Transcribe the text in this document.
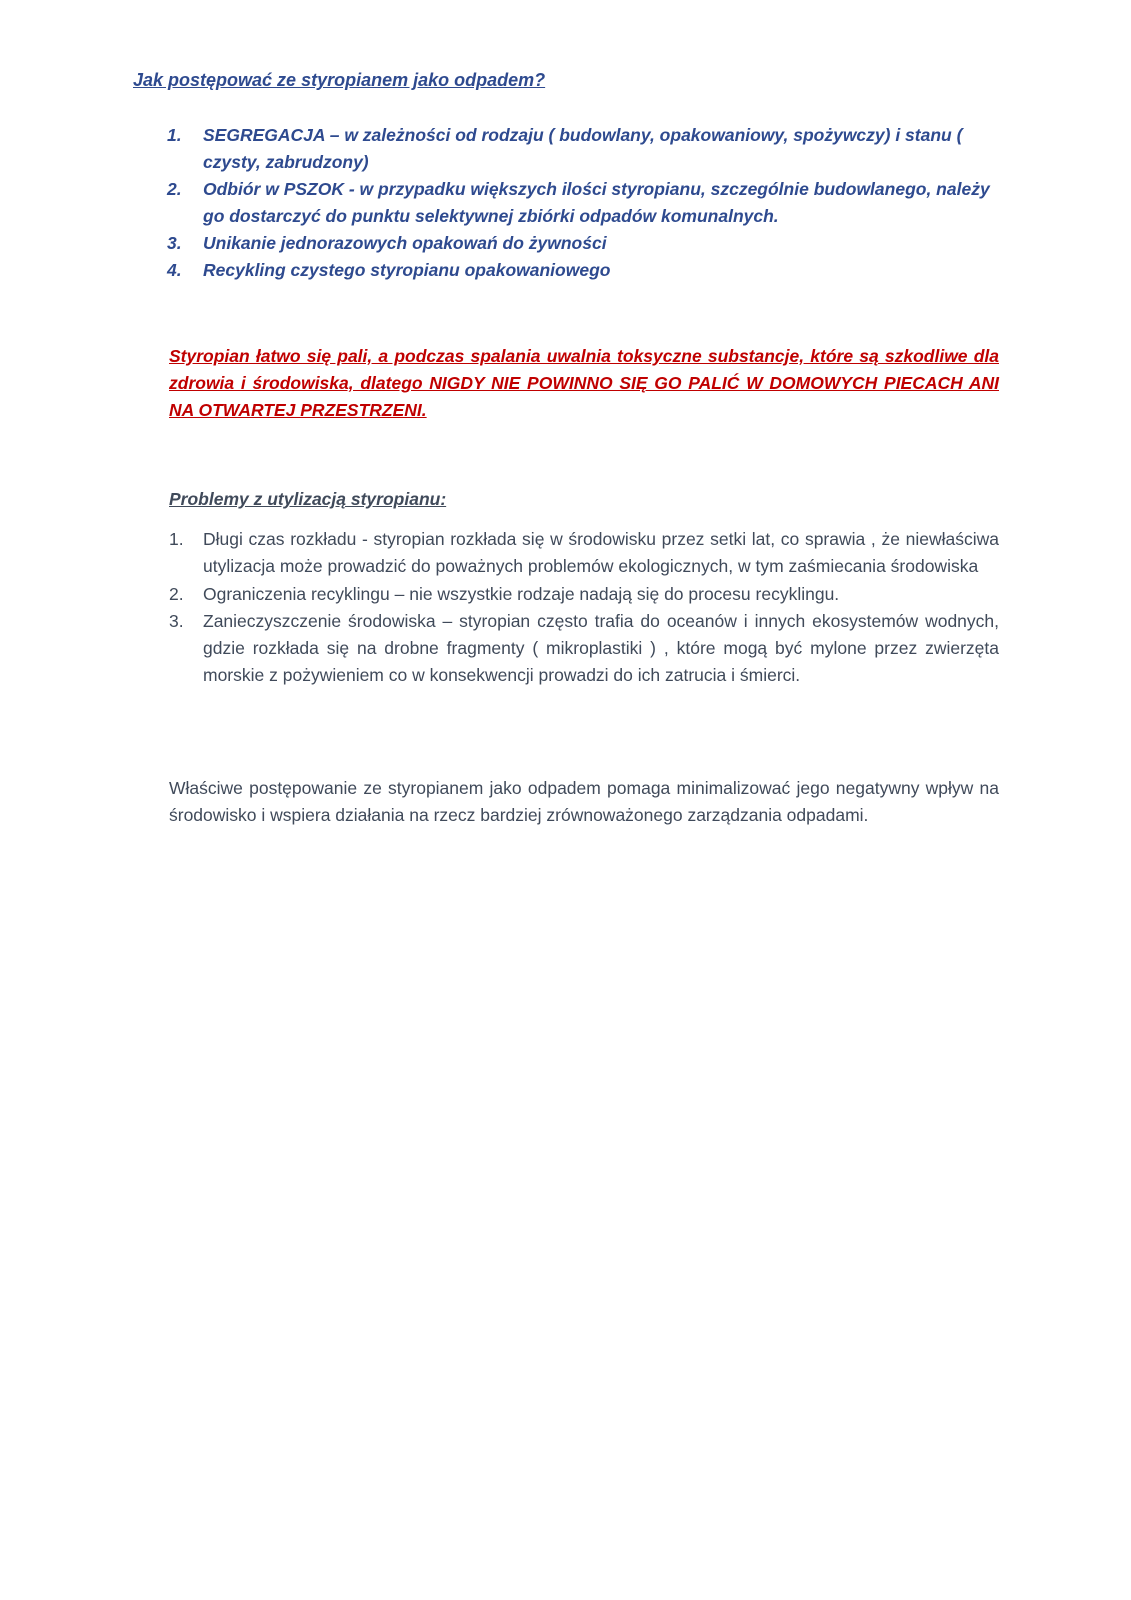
Jak postępować ze styropianem jako odpadem?
1. SEGREGACJA – w zależności od rodzaju ( budowlany, opakowaniowy, spożywczy) i stanu ( czysty, zabrudzony)
2. Odbiór w PSZOK - w przypadku większych ilości styropianu, szczególnie budowlanego, należy go dostarczyć do punktu selektywnej zbiórki odpadów komunalnych.
3. Unikanie jednorazowych opakowań do żywności
4. Recykling czystego styropianu opakowaniowego

Styropian łatwo się pali, a podczas spalania uwalnia toksyczne substancje, które są szkodliwe dla zdrowia i środowiska, dlatego NIGDY NIE POWINNO SIĘ GO PALIĆ W DOMOWYCH PIECACH ANI NA OTWARTEJ PRZESTRZENI.

Problemy z utylizacją styropianu:
1. Długi czas rozkładu - styropian rozkłada się w środowisku przez setki lat, co sprawia , że niewłaściwa utylizacja może prowadzić do poważnych problemów ekologicznych, w tym zaśmiecania środowiska
2. Ograniczenia recyklingu – nie wszystkie rodzaje nadają się do procesu recyklingu.
3. Zanieczyszczenie środowiska – styropian często trafia do oceanów i innych ekosystemów wodnych, gdzie rozkłada się na drobne fragmenty ( mikroplastiki ) , które mogą być mylone przez zwierzęta morskie z pożywieniem co w konsekwencji prowadzi do ich zatrucia i śmierci.

Właściwe postępowanie ze styropianem jako odpadem pomaga minimalizować jego negatywny wpływ na środowisko i wspiera działania na rzecz bardziej zrównoważonego zarządzania odpadami.
